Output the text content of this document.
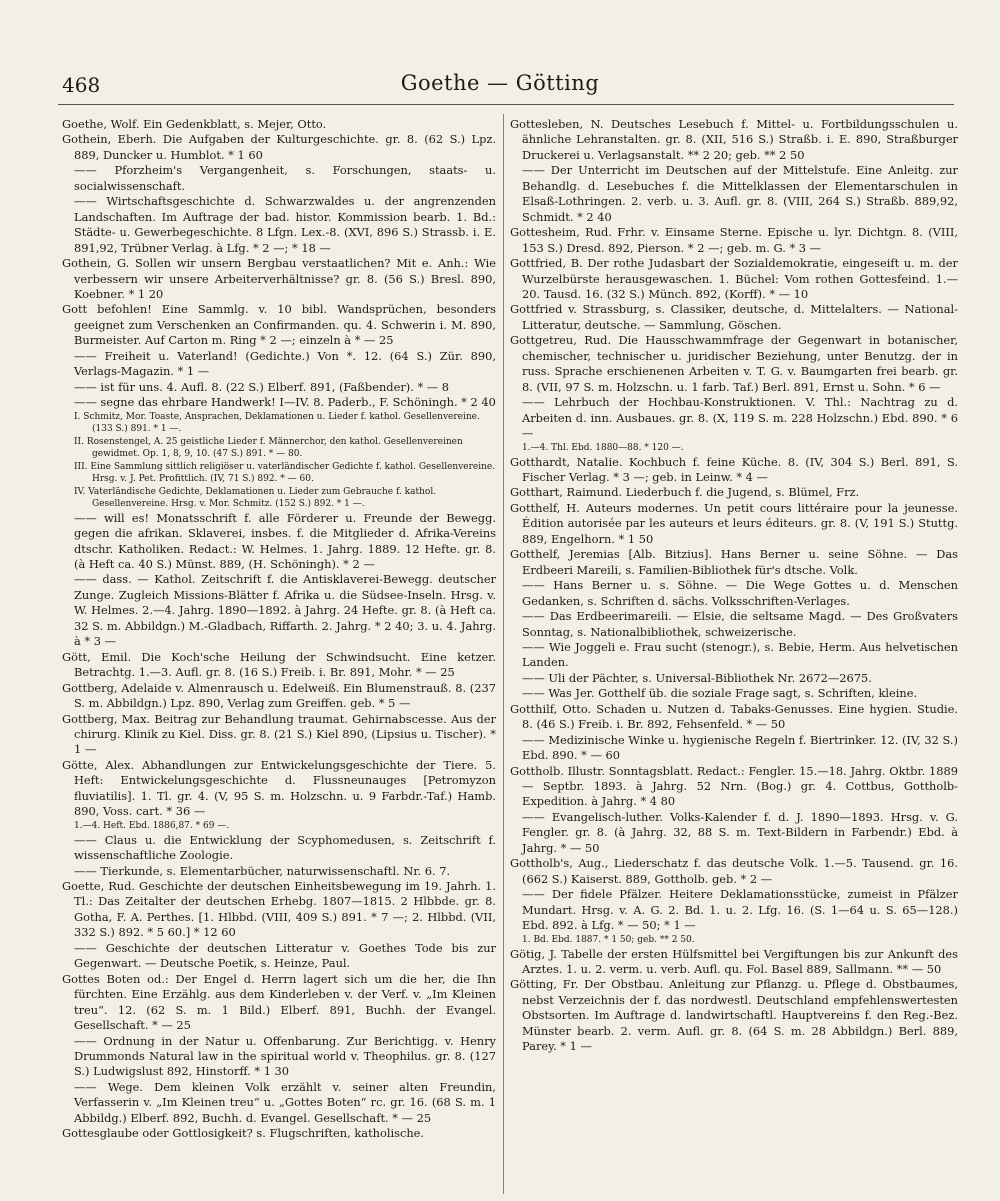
468	Goethe — Götting

Goethe, Wolf. Ein Gedenkblatt, s. Mejer, Otto.

Gothein, Eberh. Die Aufgaben der Kulturgeschichte. gr. 8. (62 S.) Lpz. 889, Duncker u. Humblot. * 1 60

—— Pforzheim's Vergangenheit, s. Forschungen, staats- u. socialwissenschaft.

—— Wirtschaftsgeschichte d. Schwarzwaldes u. der angrenzenden Landschaften. Im Auftrage der bad. histor. Kommission bearb. 1. Bd.: Städte- u. Gewerbegeschichte. 8 Lfgn. Lex.-8. (XVI, 896 S.) Strassb. i. E. 891,92, Trübner Verlag. à Lfg. * 2 —; * 18 —

Gothein, G. Sollen wir unsern Bergbau verstaatlichen? Mit e. Anh.: Wie verbessern wir unsere Arbeiterverhältnisse? gr. 8. (56 S.) Bresl. 890, Koebner. * 1 20

Gott befohlen! Eine Sammlg. v. 10 bibl. Wandsprüchen, besonders geeignet zum Verschenken an Confirmanden. qu. 4. Schwerin i. M. 890, Burmeister. Auf Carton m. Ring * 2 —; einzeln à * — 25

—— Freiheit u. Vaterland! (Gedichte.) Von *. 12. (64 S.) Zür. 890, Verlags-Magazin. * 1 —

—— ist für uns. 4. Aufl. 8. (22 S.) Elberf. 891, (Faßbender). * — 8

—— segne das ehrbare Handwerk! I—IV. 8. Paderb., F. Schöningh. * 2 40

I. Schmitz, Mor. Toaste, Ansprachen, Deklamationen u. Lieder f. kathol. Gesellenvereine. (133 S.) 891. * 1 —.

II. Rosenstengel, A. 25 geistliche Lieder f. Männerchor, den kathol. Gesellenvereinen gewidmet. Op. 1, 8, 9, 10. (47 S.) 891. * — 80.

III. Eine Sammlung sittlich religiöser u. vaterländischer Gedichte f. kathol. Gesellenvereine. Hrsg. v. J. Pet. Profittlich. (IV, 71 S.) 892. * — 60.

IV. Vaterländische Gedichte, Deklamationen u. Lieder zum Gebrauche f. kathol. Gesellenvereine. Hrsg. v. Mor. Schmitz. (152 S.) 892. * 1 —.

—— will es! Monatsschrift f. alle Förderer u. Freunde der Bewegg. gegen die afrikan. Sklaverei, insbes. f. die Mitglieder d. Afrika-Vereins dtschr. Katholiken. Redact.: W. Helmes. 1. Jahrg. 1889. 12 Hefte. gr. 8. (à Heft ca. 40 S.) Münst. 889, (H. Schöningh). * 2 —

—— dass. — Kathol. Zeitschrift f. die Antisklaverei-Bewegg. deutscher Zunge. Zugleich Missions-Blätter f. Afrika u. die Südsee-Inseln. Hrsg. v. W. Helmes. 2.—4. Jahrg. 1890—1892. à Jahrg. 24 Hefte. gr. 8. (à Heft ca. 32 S. m. Abbildgn.) M.-Gladbach, Riffarth. 2. Jahrg. * 2 40; 3. u. 4. Jahrg. à * 3 —

Gött, Emil. Die Koch'sche Heilung der Schwindsucht. Eine ketzer. Betrachtg. 1.—3. Aufl. gr. 8. (16 S.) Freib. i. Br. 891, Mohr. * — 25

Gottberg, Adelaide v. Almenrausch u. Edelweiß. Ein Blumenstrauß. 8. (237 S. m. Abbildgn.) Lpz. 890, Verlag zum Greiffen. geb. * 5 —

Gottberg, Max. Beitrag zur Behandlung traumat. Gehirnabscesse. Aus der chirurg. Klinik zu Kiel. Diss. gr. 8. (21 S.) Kiel 890, (Lipsius u. Tischer). * 1 —

Götte, Alex. Abhandlungen zur Entwickelungsgeschichte der Tiere. 5. Heft: Entwickelungsgeschichte d. Flussneunauges [Petromyzon fluviatilis]. 1. Tl. gr. 4. (V, 95 S. m. Holzschn. u. 9 Farbdr.-Taf.) Hamb. 890, Voss. cart. * 36 —

1.—4. Heft. Ebd. 1886,87. * 69 —.

—— Claus u. die Entwicklung der Scyphomedusen, s. Zeitschrift f. wissenschaftliche Zoologie.

—— Tierkunde, s. Elementarbücher, naturwissenschaftl. Nr. 6. 7.

Goette, Rud. Geschichte der deutschen Einheitsbewegung im 19. Jahrh. 1. Tl.: Das Zeitalter der deutschen Erhebg. 1807—1815. 2 Hlbbde. gr. 8. Gotha, F. A. Perthes. [1. Hlbbd. (VIII, 409 S.) 891. * 7 —; 2. Hlbbd. (VII, 332 S.) 892. * 5 60.] * 12 60

—— Geschichte der deutschen Litteratur v. Goethes Tode bis zur Gegenwart. — Deutsche Poetik, s. Heinze, Paul.

Gottes Boten od.: Der Engel d. Herrn lagert sich um die her, die Ihn fürchten. Eine Erzählg. aus dem Kinderleben v. der Verf. v. „Im Kleinen treu“. 12. (62 S. m. 1 Bild.) Elberf. 891, Buchh. der Evangel. Gesellschaft. * — 25

—— Ordnung in der Natur u. Offenbarung. Zur Berichtigg. v. Henry Drummonds Natural law in the spiritual world v. Theophilus. gr. 8. (127 S.) Ludwigslust 892, Hinstorff. * 1 30

—— Wege. Dem kleinen Volk erzählt v. seiner alten Freundin, Verfasserin v. „Im Kleinen treu“ u. „Gottes Boten“ rc. gr. 16. (68 S. m. 1 Abbildg.) Elberf. 892, Buchh. d. Evangel. Gesellschaft. * — 25

Gottesglaube oder Gottlosigkeit? s. Flugschriften, katholische.

Gottesleben, N. Deutsches Lesebuch f. Mittel- u. Fortbildungsschulen u. ähnliche Lehranstalten. gr. 8. (XII, 516 S.) Straßb. i. E. 890, Straßburger Druckerei u. Verlagsanstalt. ** 2 20; geb. ** 2 50

—— Der Unterricht im Deutschen auf der Mittelstufe. Eine Anleitg. zur Behandlg. d. Lesebuches f. die Mittelklassen der Elementarschulen in Elsaß-Lothringen. 2. verb. u. 3. Aufl. gr. 8. (VIII, 264 S.) Straßb. 889,92, Schmidt. * 2 40

Gottesheim, Rud. Frhr. v. Einsame Sterne. Epische u. lyr. Dichtgn. 8. (VIII, 153 S.) Dresd. 892, Pierson. * 2 —; geb. m. G. * 3 —

Gottfried, B. Der rothe Judasbart der Sozialdemokratie, eingeseift u. m. der Wurzelbürste herausgewaschen. 1. Büchel: Vom rothen Gottesfeind. 1.—20. Tausd. 16. (32 S.) Münch. 892, (Korff). * — 10

Gottfried v. Strassburg, s. Classiker, deutsche, d. Mittelalters. — National-Litteratur, deutsche. — Sammlung, Göschen.

Gottgetreu, Rud. Die Hausschwammfrage der Gegenwart in botanischer, chemischer, technischer u. juridischer Beziehung, unter Benutzg. der in russ. Sprache erschienenen Arbeiten v. T. G. v. Baumgarten frei bearb. gr. 8. (VII, 97 S. m. Holzschn. u. 1 farb. Taf.) Berl. 891, Ernst u. Sohn. * 6 —

—— Lehrbuch der Hochbau-Konstruktionen. V. Thl.: Nachtrag zu d. Arbeiten d. inn. Ausbaues. gr. 8. (X, 119 S. m. 228 Holzschn.) Ebd. 890. * 6 —

1.—4. Thl. Ebd. 1880—88. * 120 —.

Gotthardt, Natalie. Kochbuch f. feine Küche. 8. (IV, 304 S.) Berl. 891, S. Fischer Verlag. * 3 —; geb. in Leinw. * 4 —

Gotthart, Raimund. Liederbuch f. die Jugend, s. Blümel, Frz.

Gotthelf, H. Auteurs modernes. Un petit cours littéraire pour la jeunesse. Édition autorisée par les auteurs et leurs éditeurs. gr. 8. (V, 191 S.) Stuttg. 889, Engelhorn. * 1 50

Gotthelf, Jeremias [Alb. Bitzius]. Hans Berner u. seine Söhne. — Das Erdbeeri Mareili, s. Familien-Bibliothek für's dtsche. Volk.

—— Hans Berner u. s. Söhne. — Die Wege Gottes u. d. Menschen Gedanken, s. Schriften d. sächs. Volksschriften-Verlages.

—— Das Erdbeerimareili. — Elsie, die seltsame Magd. — Des Großvaters Sonntag, s. Nationalbibliothek, schweizerische.

—— Wie Joggeli e. Frau sucht (stenogr.), s. Bebie, Herm. Aus helvetischen Landen.

—— Uli der Pächter, s. Universal-Bibliothek Nr. 2672—2675.

—— Was Jer. Gotthelf üb. die soziale Frage sagt, s. Schriften, kleine.

Gotthilf, Otto. Schaden u. Nutzen d. Tabaks-Genusses. Eine hygien. Studie. 8. (46 S.) Freib. i. Br. 892, Fehsenfeld. * — 50

—— Medizinische Winke u. hygienische Regeln f. Biertrinker. 12. (IV, 32 S.) Ebd. 890. * — 60

Gottholb. Illustr. Sonntagsblatt. Redact.: Fengler. 15.—18. Jahrg. Oktbr. 1889 — Septbr. 1893. à Jahrg. 52 Nrn. (Bog.) gr. 4. Cottbus, Gottholb-Expedition. à Jahrg. * 4 80

—— Evangelisch-luther. Volks-Kalender f. d. J. 1890—1893. Hrsg. v. G. Fengler. gr. 8. (à Jahrg. 32, 88 S. m. Text-Bildern in Farbendr.) Ebd. à Jahrg. * — 50

Gottholb's, Aug., Liederschatz f. das deutsche Volk. 1.—5. Tausend. gr. 16. (662 S.) Kaiserst. 889, Gottholb. geb. * 2 —

—— Der fidele Pfälzer. Heitere Deklamationsstücke, zumeist in Pfälzer Mundart. Hrsg. v. A. G. 2. Bd. 1. u. 2. Lfg. 16. (S. 1—64 u. S. 65—128.) Ebd. 892. à Lfg. * — 50; * 1 —

1. Bd. Ebd. 1887. * 1 50; geb. ** 2 50.

Götig, J. Tabelle der ersten Hülfsmittel bei Vergiftungen bis zur Ankunft des Arztes. 1. u. 2. verm. u. verb. Aufl. qu. Fol. Basel 889, Sallmann. ** — 50

Götting, Fr. Der Obstbau. Anleitung zur Pflanzg. u. Pflege d. Obstbaumes, nebst Verzeichnis der f. das nordwestl. Deutschland empfehlenswertesten Obstsorten. Im Auftrage d. landwirtschaftl. Hauptvereins f. den Reg.-Bez. Münster bearb. 2. verm. Aufl. gr. 8. (64 S. m. 28 Abbildgn.) Berl. 889, Parey. * 1 —
